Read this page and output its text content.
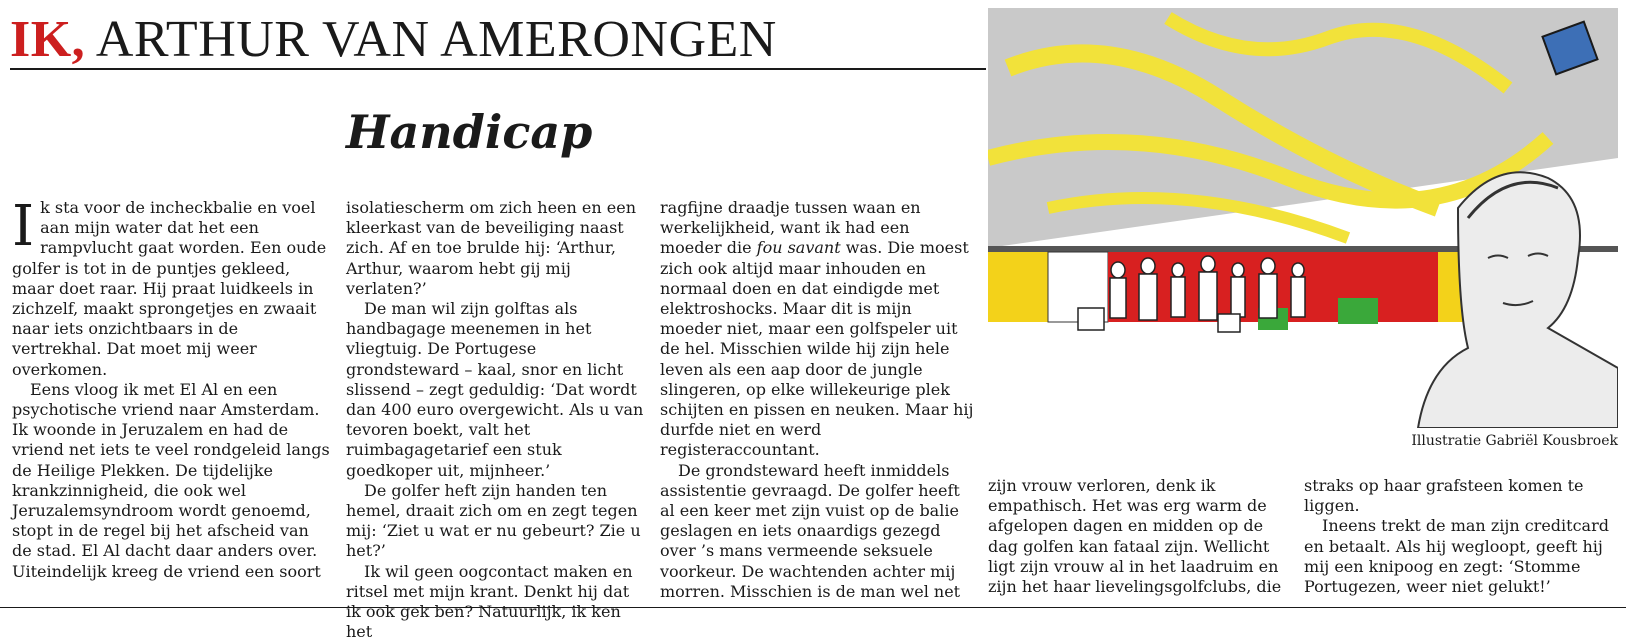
IK, ARTHUR VAN AMERONGEN
Handicap

Ik sta voor de incheckbalie en voel aan mijn water dat het een rampvlucht gaat worden. Een oude golfer is tot in de puntjes gekleed, maar doet raar. Hij praat luidkeels in zichzelf, maakt sprongetjes en zwaait naar iets onzichtbaars in de vertrekhal. Dat moet mij weer overkomen.

Eens vloog ik met El Al en een psychotische vriend naar Amsterdam. Ik woonde in Jeruzalem en had de vriend net iets te veel rondgeleid langs de Heilige Plekken. De tijdelijke krankzinnigheid, die ook wel Jeruzalemsyndroom wordt genoemd, stopt in de regel bij het afscheid van de stad. El Al dacht daar anders over. Uiteindelijk kreeg de vriend een soort

isolatiescherm om zich heen en een kleerkast van de beveiliging naast zich. Af en toe brulde hij: ‘Arthur, Arthur, waarom hebt gij mij verlaten?’

De man wil zijn golftas als handbagage meenemen in het vliegtuig. De Portugese grondsteward – kaal, snor en licht slissend – zegt geduldig: ‘Dat wordt dan 400 euro overgewicht. Als u van tevoren boekt, valt het ruimbagagetarief een stuk goedkoper uit, mijnheer.’

De golfer heft zijn handen ten hemel, draait zich om en zegt tegen mij: ‘Ziet u wat er nu gebeurt? Zie u het?’

Ik wil geen oogcontact maken en ritsel met mijn krant. Denkt hij dat ik ook gek ben? Natuurlijk, ik ken het

ragfijne draadje tussen waan en werkelijkheid, want ik had een moeder die fou savant was. Die moest zich ook altijd maar inhouden en normaal doen en dat eindigde met elektroshocks. Maar dit is mijn moeder niet, maar een golfspeler uit de hel. Misschien wilde hij zijn hele leven als een aap door de jungle slingeren, op elke willekeurige plek schijten en pissen en neuken. Maar hij durfde niet en werd registeraccountant.

De grondsteward heeft inmiddels assistentie gevraagd. De golfer heeft al een keer met zijn vuist op de balie geslagen en iets onaardigs gezegd over ’s mans vermeende seksuele voorkeur. De wachtenden achter mij morren. Misschien is de man wel net

zijn vrouw verloren, denk ik empathisch. Het was erg warm de afgelopen dagen en midden op de dag golfen kan fataal zijn. Wellicht ligt zijn vrouw al in het laadruim en zijn het haar lievelingsgolfclubs, die

straks op haar grafsteen komen te liggen.

Ineens trekt de man zijn creditcard en betaalt. Als hij wegloopt, geeft hij mij een knipoog en zegt: ‘Stomme Portugezen, weer niet gelukt!’

Illustratie Gabriël Kousbroek
